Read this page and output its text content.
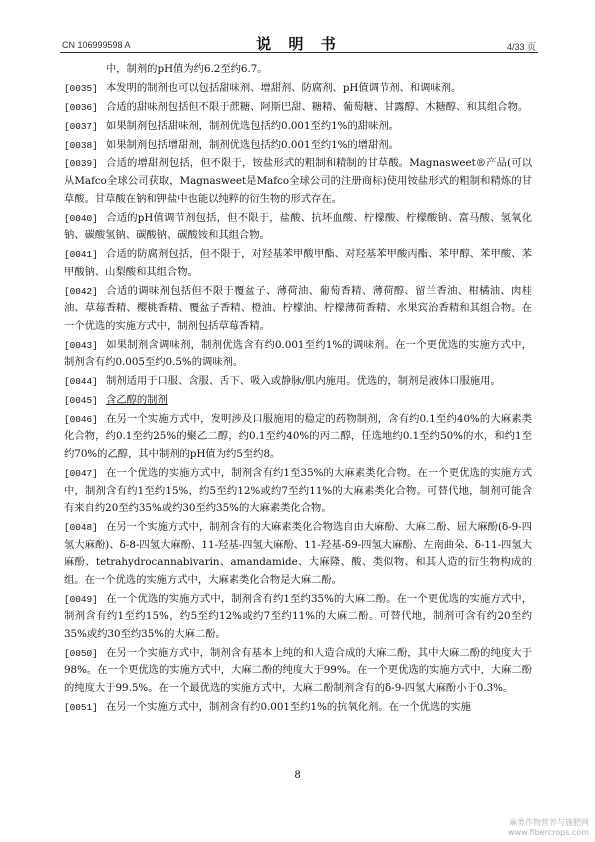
CN 106999598 A	说 明 书	4/33 页

中，制剂的pH值为约6.2至约6.7。

[0035] 本发明的制剂也可以包括甜味剂、增甜剂、防腐剂、pH值调节剂、和调味剂。

[0036] 合适的甜味剂包括但不限于蔗糖、阿斯巴甜、糖精、葡萄糖、甘露醇、木糖醇、和其组合物。

[0037] 如果制剂包括甜味剂，制剂优选包括约0.001至约1%的甜味剂。

[0038] 如果制剂包括增甜剂，制剂优选包括约0.001至约1%的增甜剂。

[0039] 合适的增甜剂包括，但不限于，铵盐形式的粗制和精制的甘草酸。Magnasweet®产品(可以从Mafco全球公司获取，Magnasweet是Mafco全球公司的注册商标)使用铵盐形式的粗制和精炼的甘草酸。甘草酸在钠和钾盐中也能以纯粹的衍生物的形式存在。

[0040] 合适的pH值调节剂包括，但不限于，盐酸、抗坏血酸、柠檬酸、柠檬酸钠、富马酸、氢氧化钠、碳酸氢钠、碳酸钠、碳酸铵和其组合物。

[0041] 合适的防腐剂包括，但不限于，对羟基苯甲酸甲酯、对羟基苯甲酸丙酯、苯甲醇、苯甲酸、苯甲酸钠、山梨酸和其组合物。

[0042] 合适的调味剂包括但不限于覆盆子、薄荷油、葡萄香精、薄荷醇、留兰香油、柑橘油、肉桂油、草莓香精、樱桃香精、覆盆子香精、橙油、柠檬油、柠檬薄荷香精、水果宾治香精和其组合物。在一个优选的实施方式中，制剂包括草莓香精。

[0043] 如果制剂含调味剂，制剂优选含有约0.001至约1%的调味剂。在一个更优选的实施方式中，制剂含有约0.005至约0.5%的调味剂。

[0044] 制剂适用于口服、含服、舌下、吸入或静脉/肌内施用。优选的，制剂是液体口服施用。

[0045] 含乙醇的制剂

[0046] 在另一个实施方式中，发明涉及口服施用的稳定的药物制剂，含有约0.1至约40%的大麻素类化合物，约0.1至约25%的聚乙二醇，约0.1至约40%的丙二醇，任选地约0.1至约50%的水，和约1至约70%的乙醇，其中制剂的pH值为约5至约8。

[0047] 在一个优选的实施方式中，制剂含有约1至35%的大麻素类化合物。在一个更优选的实施方式中，制剂含有约1至约15%，约5至约12%或约7至约11%的大麻素类化合物。可替代地，制剂可能含有来自约20至约35%或约30至约35%的大麻素类化合物。

[0048] 在另一个实施方式中，制剂含有的大麻素类化合物选自由大麻酚、大麻二酚、屈大麻酚(δ-9-四氢大麻酚)、δ-8-四氢大麻酚、11-羟基-四氢大麻酚、11-羟基-δ9-四氢大麻酚、左南曲朵、δ-11-四氢大麻酚、tetrahydrocannabivarin、amandamide、大麻隆、酸、类似物、和其人造的衍生物构成的组。在一个优选的实施方式中，大麻素类化合物是大麻二酚。

[0049] 在一个优选的实施方式中，制剂含有约1至约35%的大麻二酚。在一个更优选的实施方式中，制剂含有约1至约15%，约5至约12%或约7至约11%的大麻二酚。可替代地，制剂可含有约20至约35%或约30至约35%的大麻二酚。

[0050] 在另一个实施方式中，制剂含有基本上纯的和人造合成的大麻二酚，其中大麻二酚的纯度大于98%。在一个更优选的实施方式中，大麻二酚的纯度大于99%。在一个更优选的实施方式中，大麻二酚的纯度大于99.5%。在一个最优选的实施方式中，大麻二酚制剂含有的δ-9-四氢大麻酚小于0.3%。

[0051] 在另一个实施方式中，制剂含有约0.001至约1%的抗氧化剂。在一个优选的实施

8
麻类作物营养与施肥网
www.fibercrops.com
